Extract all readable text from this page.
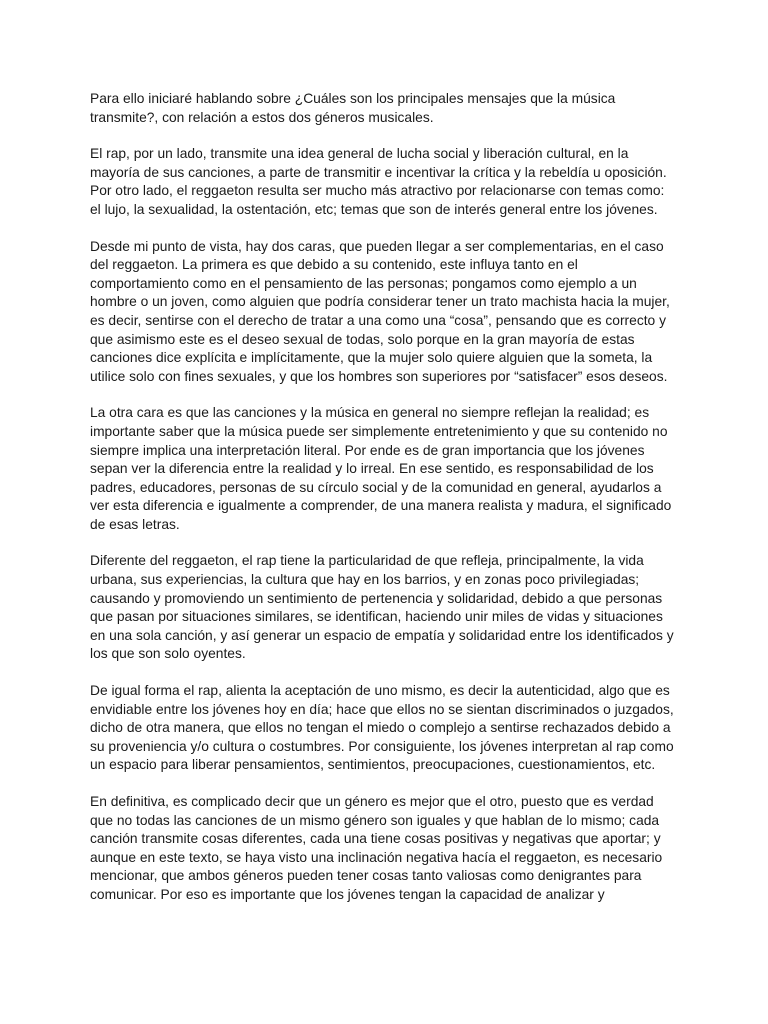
Para ello iniciaré hablando sobre ¿Cuáles son los principales mensajes que la música
transmite?, con relación a estos dos géneros musicales.
El rap, por un lado, transmite una idea general de lucha social y liberación cultural, en la
mayoría de sus canciones, a parte de transmitir e incentivar la crítica y la rebeldía u oposición.
Por otro lado, el reggaeton resulta ser mucho más atractivo por relacionarse con temas como:
el lujo, la sexualidad, la ostentación, etc; temas que son de interés general entre los jóvenes.
Desde mi punto de vista, hay dos caras, que pueden llegar a ser complementarias, en el caso
del reggaeton. La primera es que debido a su contenido, este influya tanto en el
comportamiento como en el pensamiento de las personas; pongamos como ejemplo a un
hombre o un joven, como alguien que podría considerar tener un trato machista hacia la mujer,
es decir, sentirse con el derecho de tratar a una como una “cosa”, pensando que es correcto y
que asimismo este es el deseo sexual de todas, solo porque en la gran mayoría de estas
canciones dice explícita e implícitamente, que la mujer solo quiere alguien que la someta, la
utilice solo con fines sexuales, y que los hombres son superiores por “satisfacer” esos deseos.
La otra cara es que las canciones y la música en general no siempre reflejan la realidad; es
importante saber que la música puede ser simplemente entretenimiento y que su contenido no
siempre implica una interpretación literal. Por ende es de gran importancia que los jóvenes
sepan ver la diferencia entre la realidad y lo irreal. En ese sentido, es responsabilidad de los
padres, educadores, personas de su círculo social y de la comunidad en general, ayudarlos a
ver esta diferencia e igualmente a comprender, de una manera realista y madura, el significado
de esas letras.
Diferente del reggaeton, el rap tiene la particularidad de que refleja, principalmente, la vida
urbana, sus experiencias, la cultura que hay en los barrios, y en zonas poco privilegiadas;
causando y promoviendo un sentimiento de pertenencia y solidaridad, debido a que personas
que pasan por situaciones similares, se identifican, haciendo unir miles de vidas y situaciones
en una sola canción, y así generar un espacio de empatía y solidaridad entre los identificados y
los que son solo oyentes.
De igual forma el rap, alienta la aceptación de uno mismo, es decir la autenticidad, algo que es
envidiable entre los jóvenes hoy en día; hace que ellos no se sientan discriminados o juzgados,
dicho de otra manera, que ellos no tengan el miedo o complejo a sentirse rechazados debido a
su proveniencia y/o cultura o costumbres. Por consiguiente, los jóvenes interpretan al rap como
un espacio para liberar pensamientos, sentimientos, preocupaciones, cuestionamientos, etc.
En definitiva, es complicado decir que un género es mejor que el otro, puesto que es verdad
que no todas las canciones de un mismo género son iguales y que hablan de lo mismo; cada
canción transmite cosas diferentes, cada una tiene cosas positivas y negativas que aportar; y
aunque en este texto, se haya visto una inclinación negativa hacía el reggaeton, es necesario
mencionar, que ambos géneros pueden tener cosas tanto valiosas como denigrantes para
comunicar. Por eso es importante que los jóvenes tengan la capacidad de analizar y
